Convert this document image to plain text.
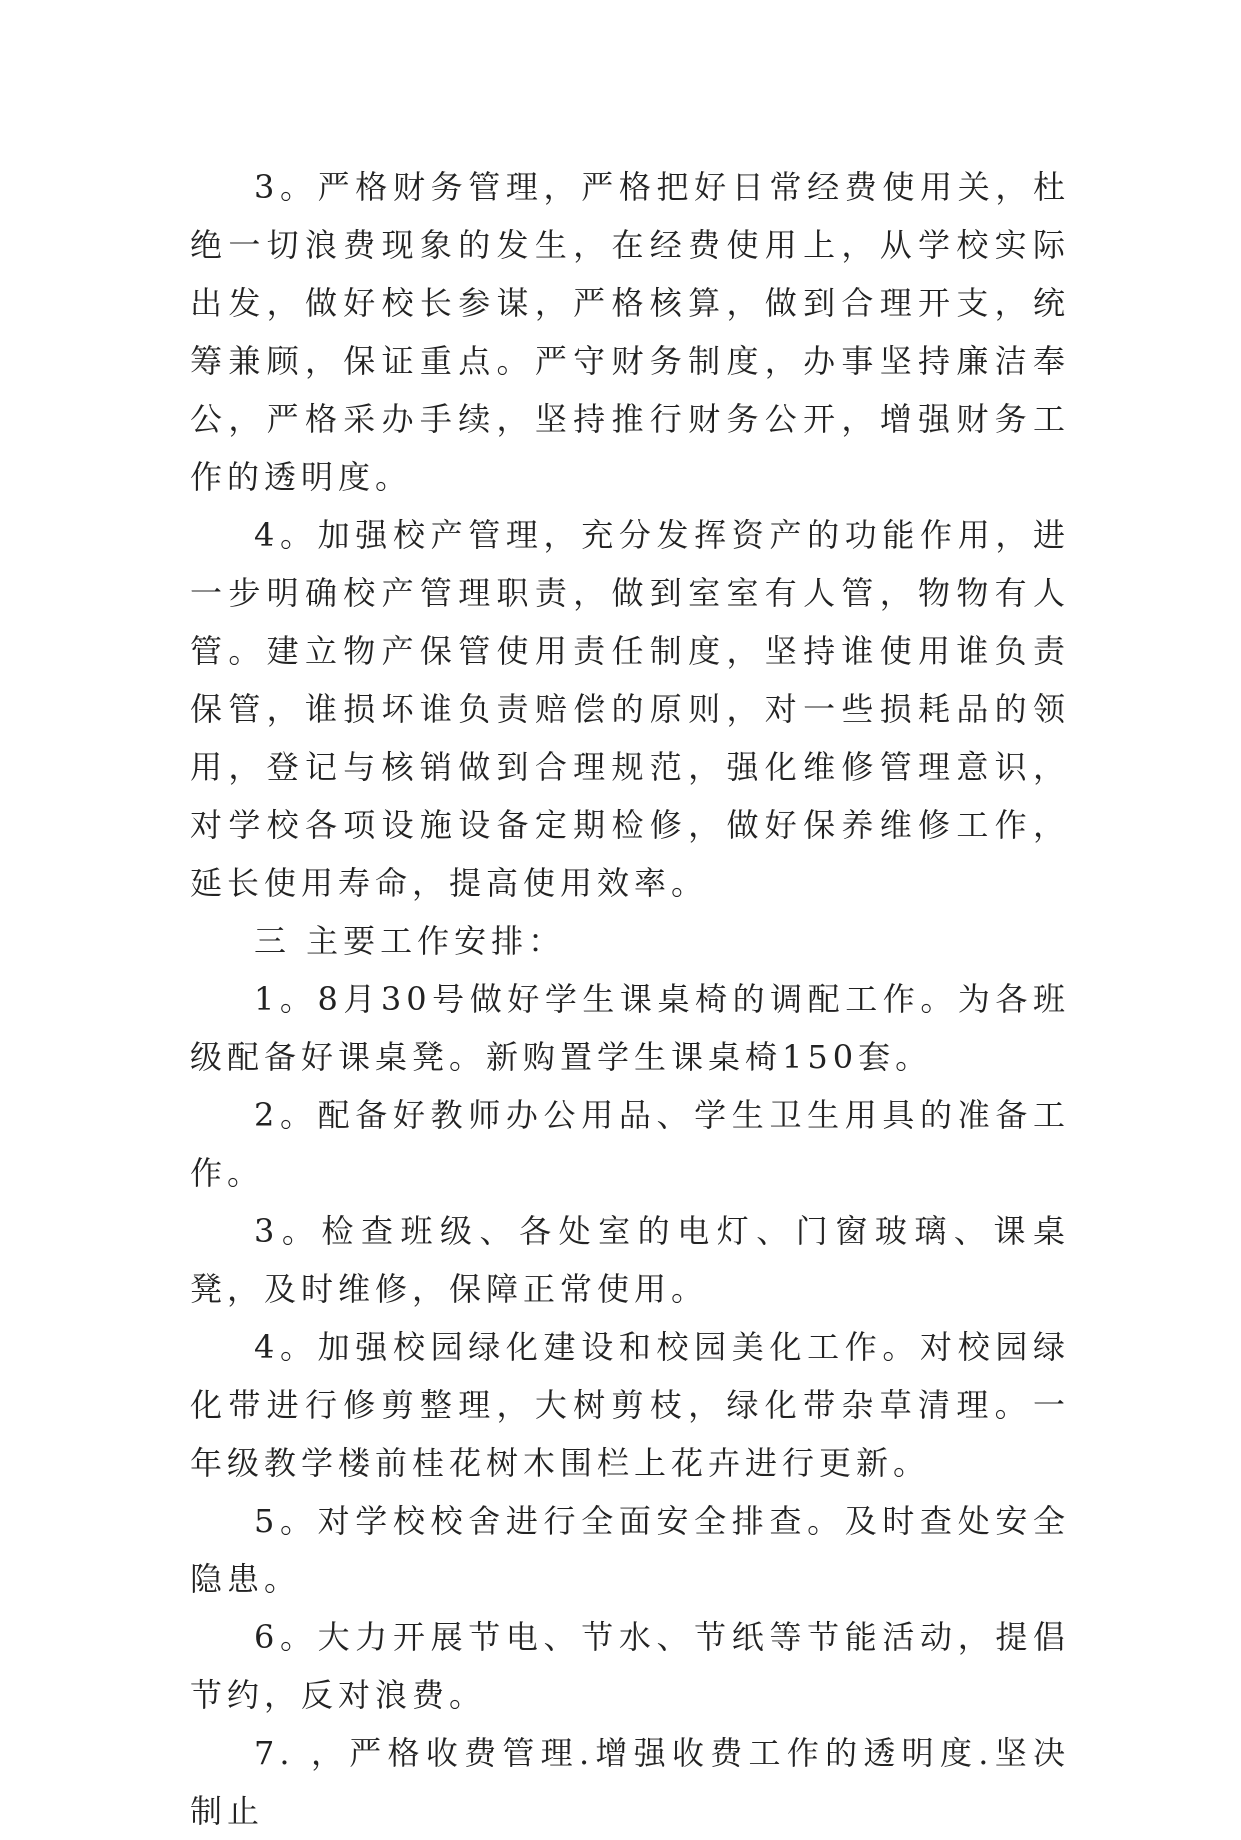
3。严格财务管理，严格把好日常经费使用关，杜绝一切浪费现象的发生，在经费使用上，从学校实际出发，做好校长参谋，严格核算，做到合理开支，统筹兼顾，保证重点。严守财务制度，办事坚持廉洁奉公，严格采办手续，坚持推行财务公开，增强财务工作的透明度。

4。加强校产管理，充分发挥资产的功能作用，进一步明确校产管理职责，做到室室有人管，物物有人管。建立物产保管使用责任制度，坚持谁使用谁负责保管，谁损坏谁负责赔偿的原则，对一些损耗品的领用，登记与核销做到合理规范，强化维修管理意识，对学校各项设施设备定期检修，做好保养维修工作，延长使用寿命，提高使用效率。

三 主要工作安排：

1。8月30号做好学生课桌椅的调配工作。为各班级配备好课桌凳。新购置学生课桌椅150套。

2。配备好教师办公用品、学生卫生用具的准备工作。

3。检查班级、各处室的电灯、门窗玻璃、课桌凳，及时维修，保障正常使用。

4。加强校园绿化建设和校园美化工作。对校园绿化带进行修剪整理，大树剪枝，绿化带杂草清理。一年级教学楼前桂花树木围栏上花卉进行更新。

5。对学校校舍进行全面安全排查。及时查处安全隐患。

6。大力开展节电、节水、节纸等节能活动，提倡节约，反对浪费。

7. ，严格收费管理.增强收费工作的透明度.坚决制止
